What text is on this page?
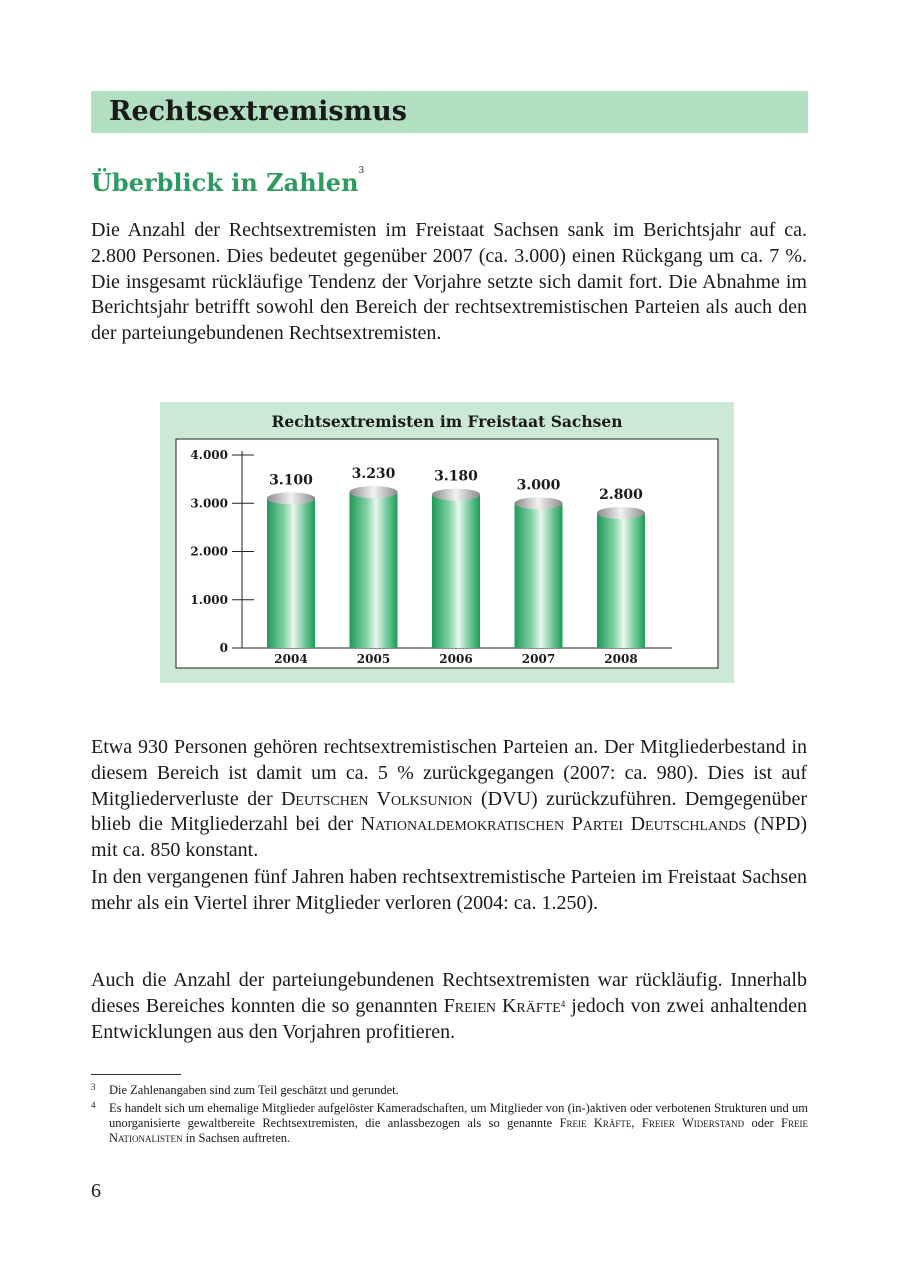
Rechtsextremismus
Überblick in Zahlen$^3$

Die Anzahl der Rechtsextremisten im Freistaat Sachsen sank im Berichtsjahr auf ca. 2.800 Personen. Dies bedeutet gegenüber 2007 (ca. 3.000) einen Rückgang um ca. 7 %. Die insgesamt rückläufige Tendenz der Vorjahre setzte sich damit fort. Die Abnahme im Berichtsjahr betrifft sowohl den Bereich der rechtsextremistischen Parteien als auch den der parteiungebundenen Rechtsextremisten.

Rechtsextremisten im Freistaat Sachsen
0
1.000
2.000
3.000
4.000
3.100
2004
3.230
2005
3.180
2006
3.000
2007
2.800
2008

Etwa 930 Personen gehören rechtsextremistischen Parteien an. Der Mitgliederbestand in diesem Bereich ist damit um ca. 5 % zurückgegangen (2007: ca. 980). Dies ist auf Mitgliederverluste der Deutschen Volksunion (DVU) zurückzuführen. Demgegenüber blieb die Mitgliederzahl bei der Nationaldemokratischen Partei Deutschlands (NPD) mit ca. 850 konstant.

In den vergangenen fünf Jahren haben rechtsextremistische Parteien im Freistaat Sachsen mehr als ein Viertel ihrer Mitglieder verloren (2004: ca. 1.250).

Auch die Anzahl der parteiungebundenen Rechtsextremisten war rückläufig. Innerhalb dieses Bereiches konnten die so genannten Freien Kräfte$^4$ jedoch von zwei anhaltenden Entwicklungen aus den Vorjahren profitieren.

3 Die Zahlenangaben sind zum Teil geschätzt und gerundet.
4 Es handelt sich um ehemalige Mitglieder aufgelöster Kameradschaften, um Mitglieder von (in-)aktiven oder verbotenen Strukturen und um unorganisierte gewaltbereite Rechtsextremisten, die anlassbezogen als so genannte Freie Kräfte, Freier Widerstand oder Freie Nationalisten in Sachsen auftreten.

6
